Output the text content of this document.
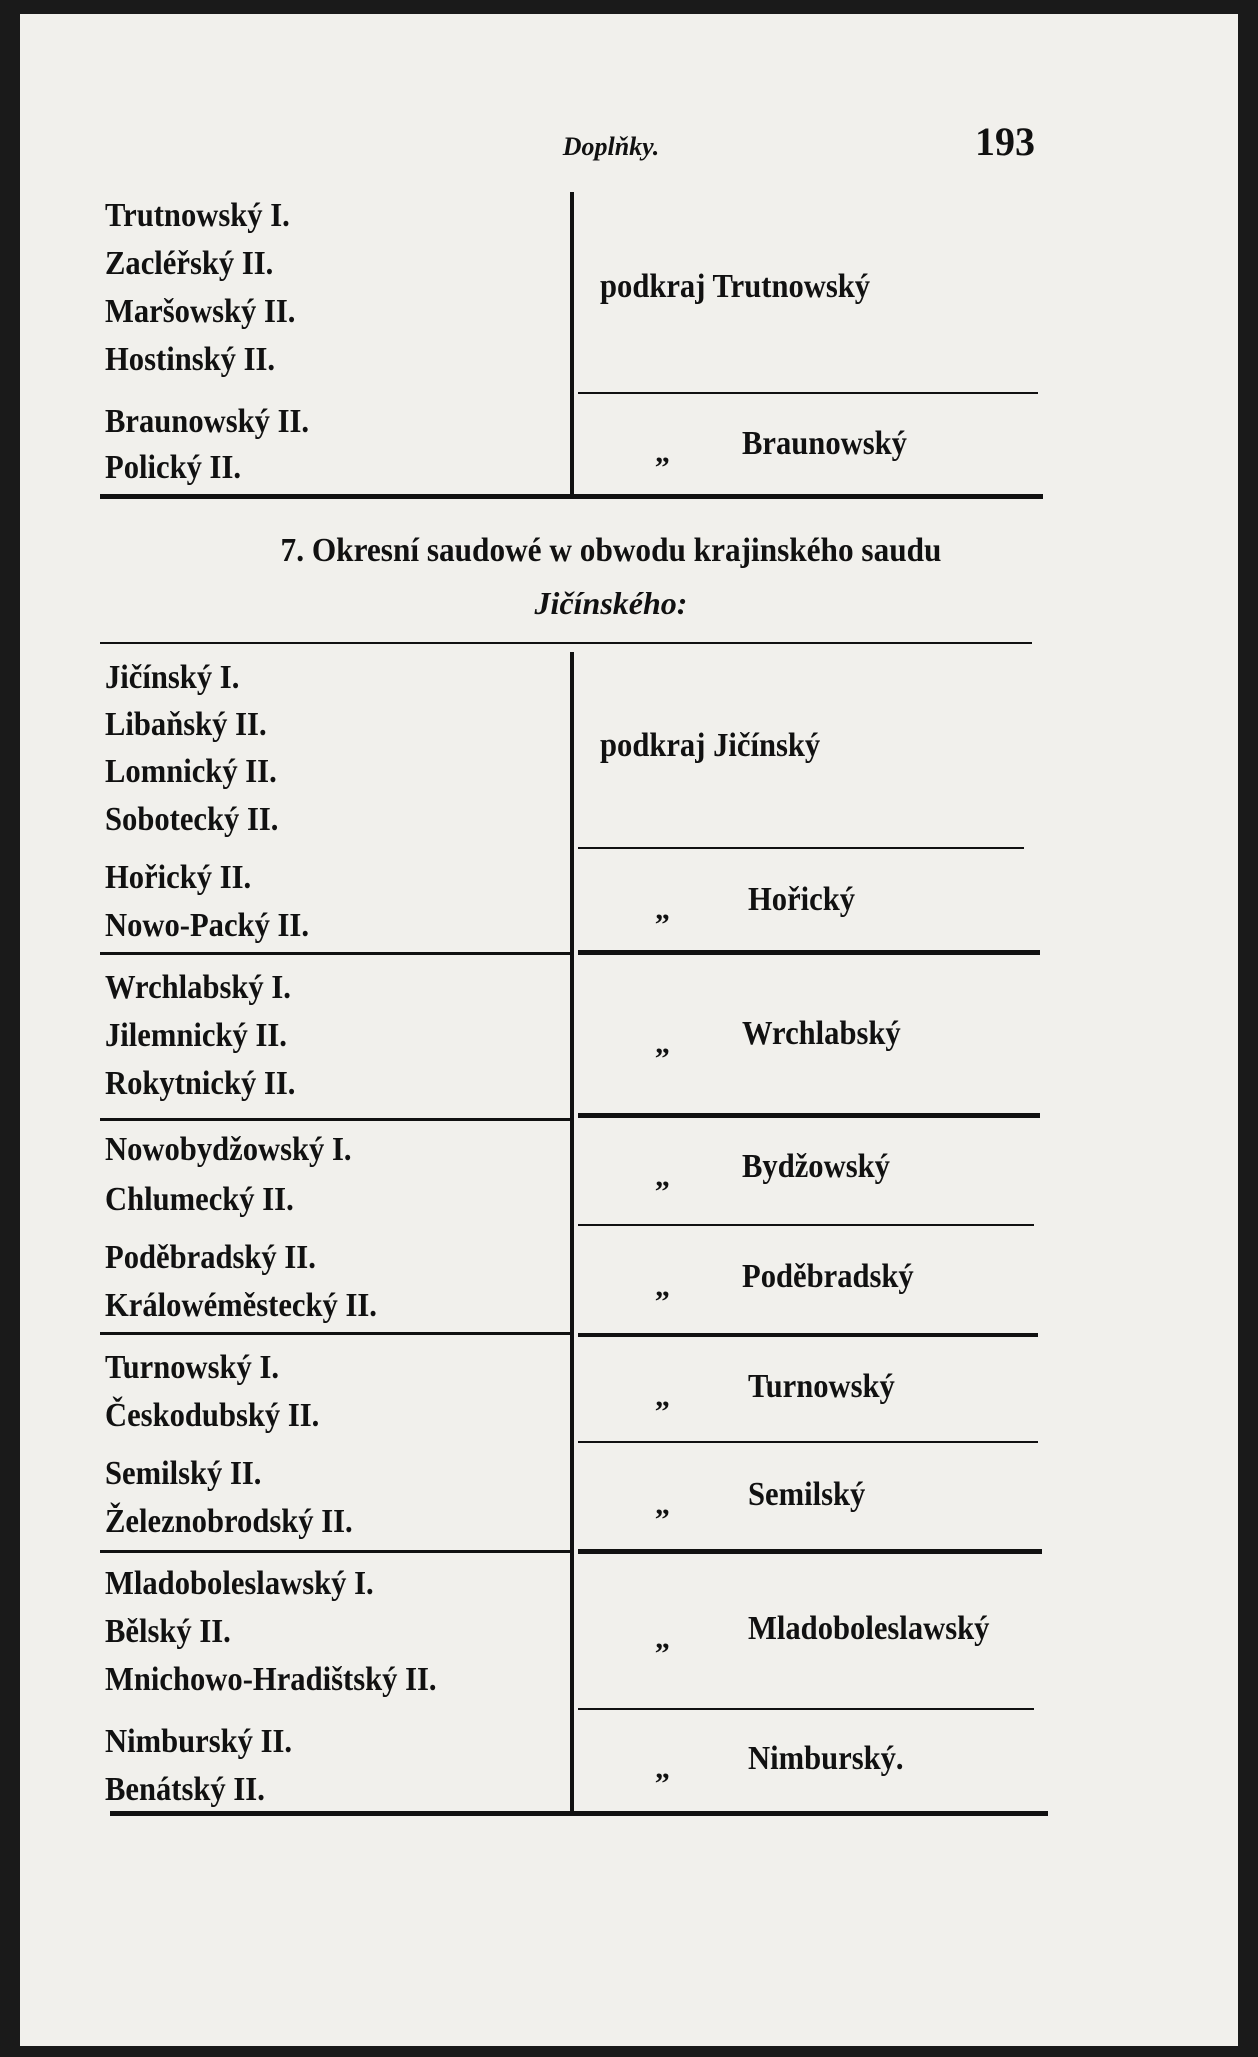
Doplňky.	193
Trutnowský I.
Zacléřský II.
Maršowský II.
Hostinský II.
Braunowský II.
Polický II.
podkraj Trutnowský
„ Braunowský
7. Okresní saudowé w obwodu krajinského saudu
Jičínského:
Jičínský I.
Libaňský II.
Lomnický II.
Sobotecký II.
Hořický II.
Nowo-Packý II.
Wrchlabský I.
Jilemnický II.
Rokytnický II.
Nowobydžowský I.
Chlumecký II.
Poděbradský II.
Králowéměstecký II.
Turnowský I.
Českodubský II.
Semilský II.
Železnobrodský II.
Mladoboleslawský I.
Bělský II.
Mnichowo-Hradištský II.
Nimburský II.
Benátský II.
podkraj Jičínský
„ Hořický
„ Wrchlabský
„ Bydžowský
„ Poděbradský
„ Turnowský
„ Semilský
„ Mladoboleslawský
„ Nimburský.
